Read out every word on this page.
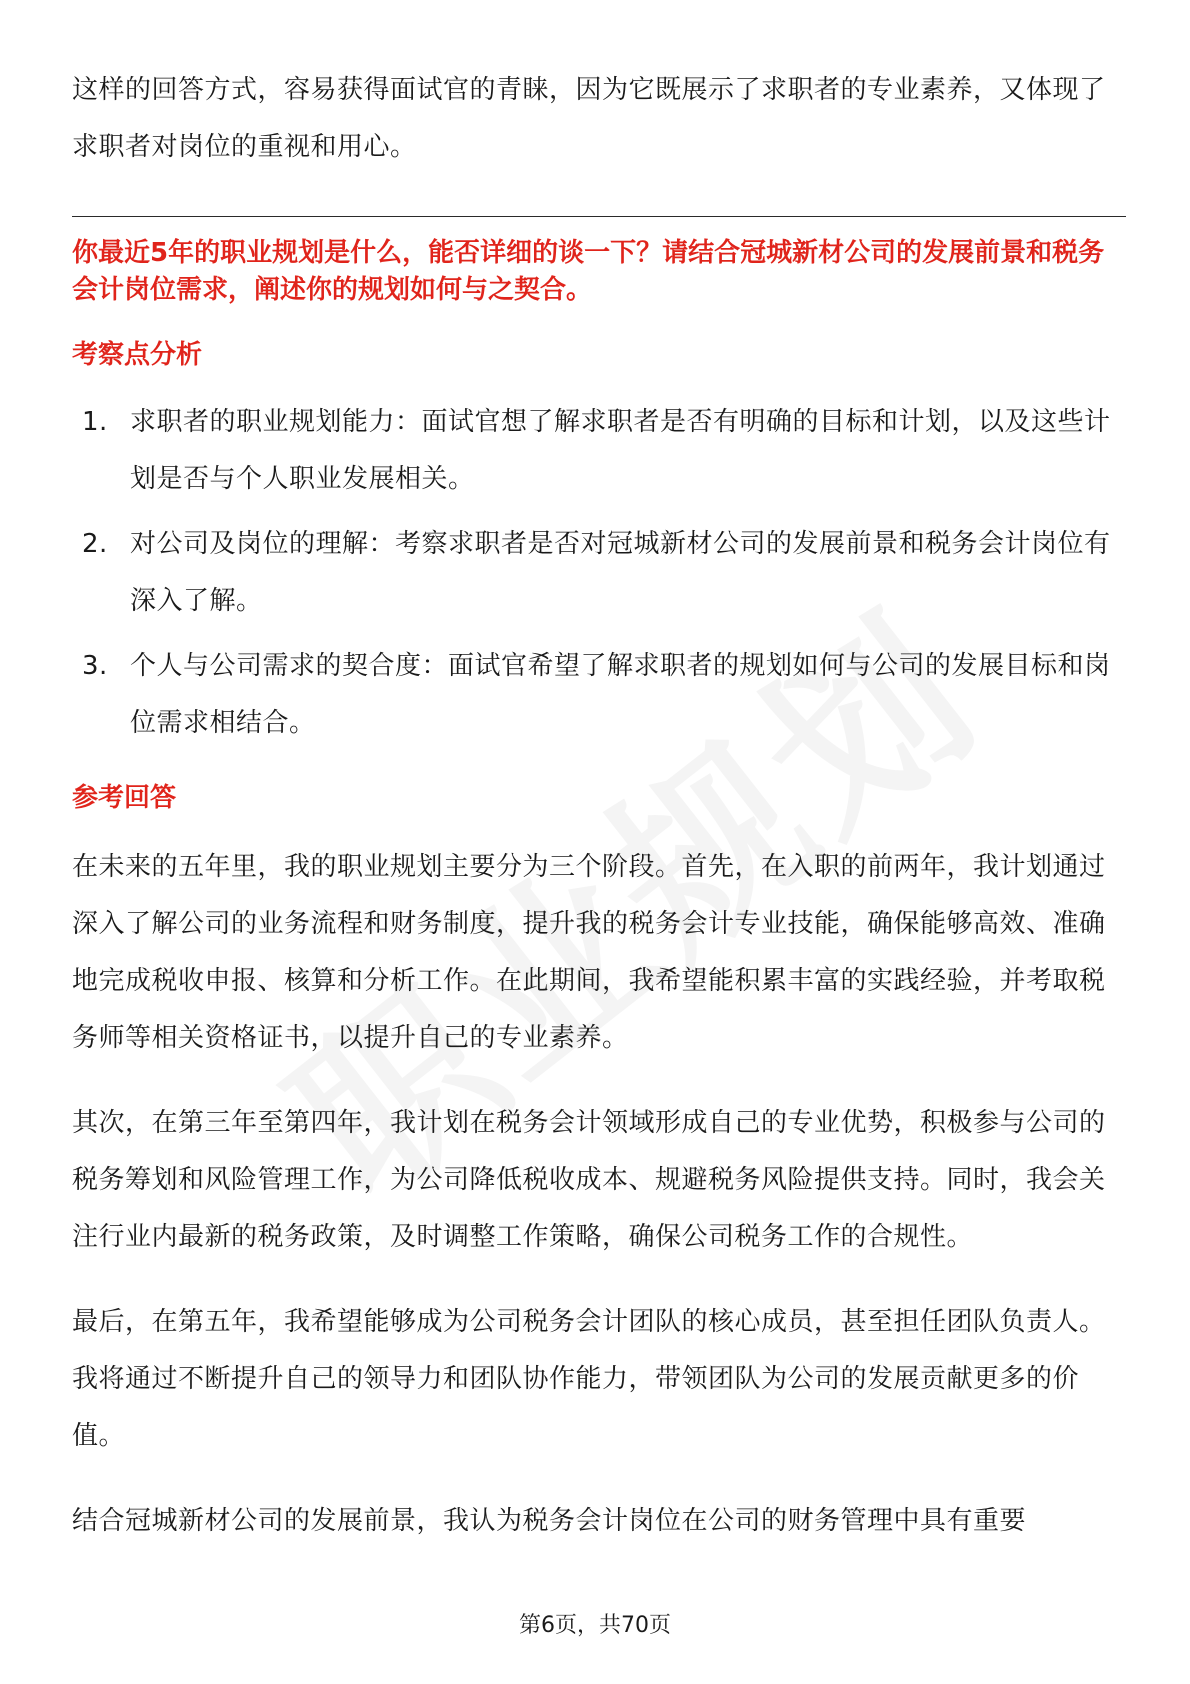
这样的回答方式，容易获得面试官的青睐，因为它既展示了求职者的专业素养，又体现了求职者对岗位的重视和用心。

你最近5年的职业规划是什么，能否详细的谈一下？请结合冠城新材公司的发展前景和税务会计岗位需求，阐述你的规划如何与之契合。

考察点分析

1. 求职者的职业规划能力：面试官想了解求职者是否有明确的目标和计划，以及这些计划是否与个人职业发展相关。
2. 对公司及岗位的理解：考察求职者是否对冠城新材公司的发展前景和税务会计岗位有深入了解。
3. 个人与公司需求的契合度：面试官希望了解求职者的规划如何与公司的发展目标和岗位需求相结合。

参考回答

在未来的五年里，我的职业规划主要分为三个阶段。首先，在入职的前两年，我计划通过深入了解公司的业务流程和财务制度，提升我的税务会计专业技能，确保能够高效、准确地完成税收申报、核算和分析工作。在此期间，我希望能积累丰富的实践经验，并考取税务师等相关资格证书，以提升自己的专业素养。

其次，在第三年至第四年，我计划在税务会计领域形成自己的专业优势，积极参与公司的税务筹划和风险管理工作，为公司降低税收成本、规避税务风险提供支持。同时，我会关注行业内最新的税务政策，及时调整工作策略，确保公司税务工作的合规性。

最后，在第五年，我希望能够成为公司税务会计团队的核心成员，甚至担任团队负责人。我将通过不断提升自己的领导力和团队协作能力，带领团队为公司的发展贡献更多的价值。

结合冠城新材公司的发展前景，我认为税务会计岗位在公司的财务管理中具有重要

第6页，共70页
